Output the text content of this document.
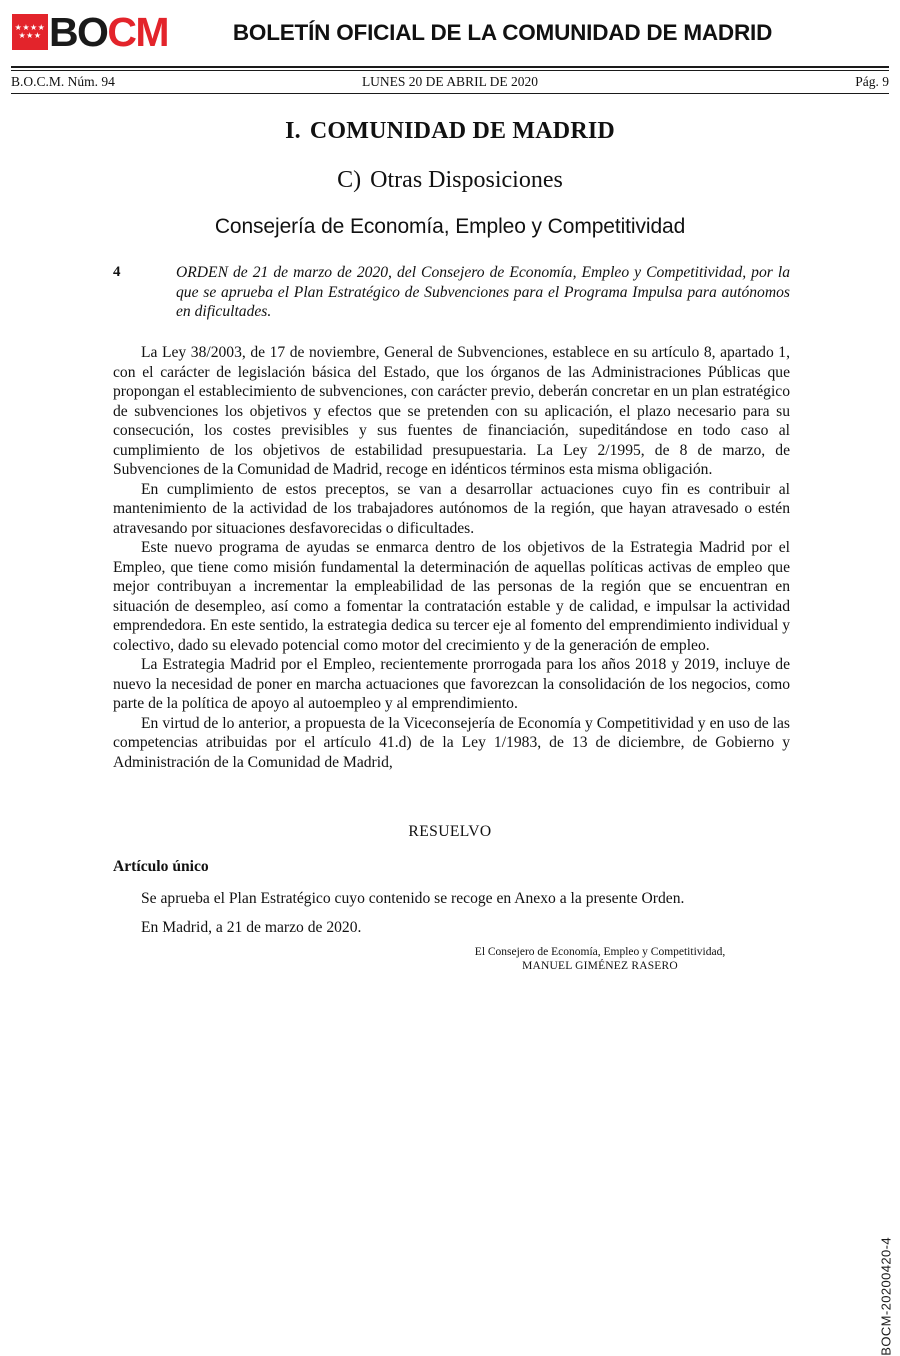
★★★★
★★★ BOCM	BOLETÍN OFICIAL DE LA COMUNIDAD DE MADRID
B.O.C.M. Núm. 94	LUNES 20 DE ABRIL DE 2020	Pág. 9
I. COMUNIDAD DE MADRID
C) Otras Disposiciones
Consejería de Economía, Empleo y Competitividad
4	ORDEN de 21 de marzo de 2020, del Consejero de Economía, Empleo y Competitividad, por la que se aprueba el Plan Estratégico de Subvenciones para el Programa Impulsa para autónomos en dificultades.

La Ley 38/2003, de 17 de noviembre, General de Subvenciones, establece en su artículo 8, apartado 1, con el carácter de legislación básica del Estado, que los órganos de las Administraciones Públicas que propongan el establecimiento de subvenciones, con carácter previo, deberán concretar en un plan estratégico de subvenciones los objetivos y efectos que se pretenden con su aplicación, el plazo necesario para su consecución, los costes previsibles y sus fuentes de financiación, supeditándose en todo caso al cumplimiento de los objetivos de estabilidad presupuestaria. La Ley 2/1995, de 8 de marzo, de Subvenciones de la Comunidad de Madrid, recoge en idénticos términos esta misma obligación.

En cumplimiento de estos preceptos, se van a desarrollar actuaciones cuyo fin es contribuir al mantenimiento de la actividad de los trabajadores autónomos de la región, que hayan atravesado o estén atravesando por situaciones desfavorecidas o dificultades.

Este nuevo programa de ayudas se enmarca dentro de los objetivos de la Estrategia Madrid por el Empleo, que tiene como misión fundamental la determinación de aquellas políticas activas de empleo que mejor contribuyan a incrementar la empleabilidad de las personas de la región que se encuentran en situación de desempleo, así como a fomentar la contratación estable y de calidad, e impulsar la actividad emprendedora. En este sentido, la estrategia dedica su tercer eje al fomento del emprendimiento individual y colectivo, dado su elevado potencial como motor del crecimiento y de la generación de empleo.

La Estrategia Madrid por el Empleo, recientemente prorrogada para los años 2018 y 2019, incluye de nuevo la necesidad de poner en marcha actuaciones que favorezcan la consolidación de los negocios, como parte de la política de apoyo al autoempleo y al emprendimiento.

En virtud de lo anterior, a propuesta de la Viceconsejería de Economía y Competitividad y en uso de las competencias atribuidas por el artículo 41.d) de la Ley 1/1983, de 13 de diciembre, de Gobierno y Administración de la Comunidad de Madrid,

RESUELVO
Artículo único

Se aprueba el Plan Estratégico cuyo contenido se recoge en Anexo a la presente Orden.

En Madrid, a 21 de marzo de 2020.

El Consejero de Economía, Empleo y Competitividad,
MANUEL GIMÉNEZ RASERO
BOCM-20200420-4
